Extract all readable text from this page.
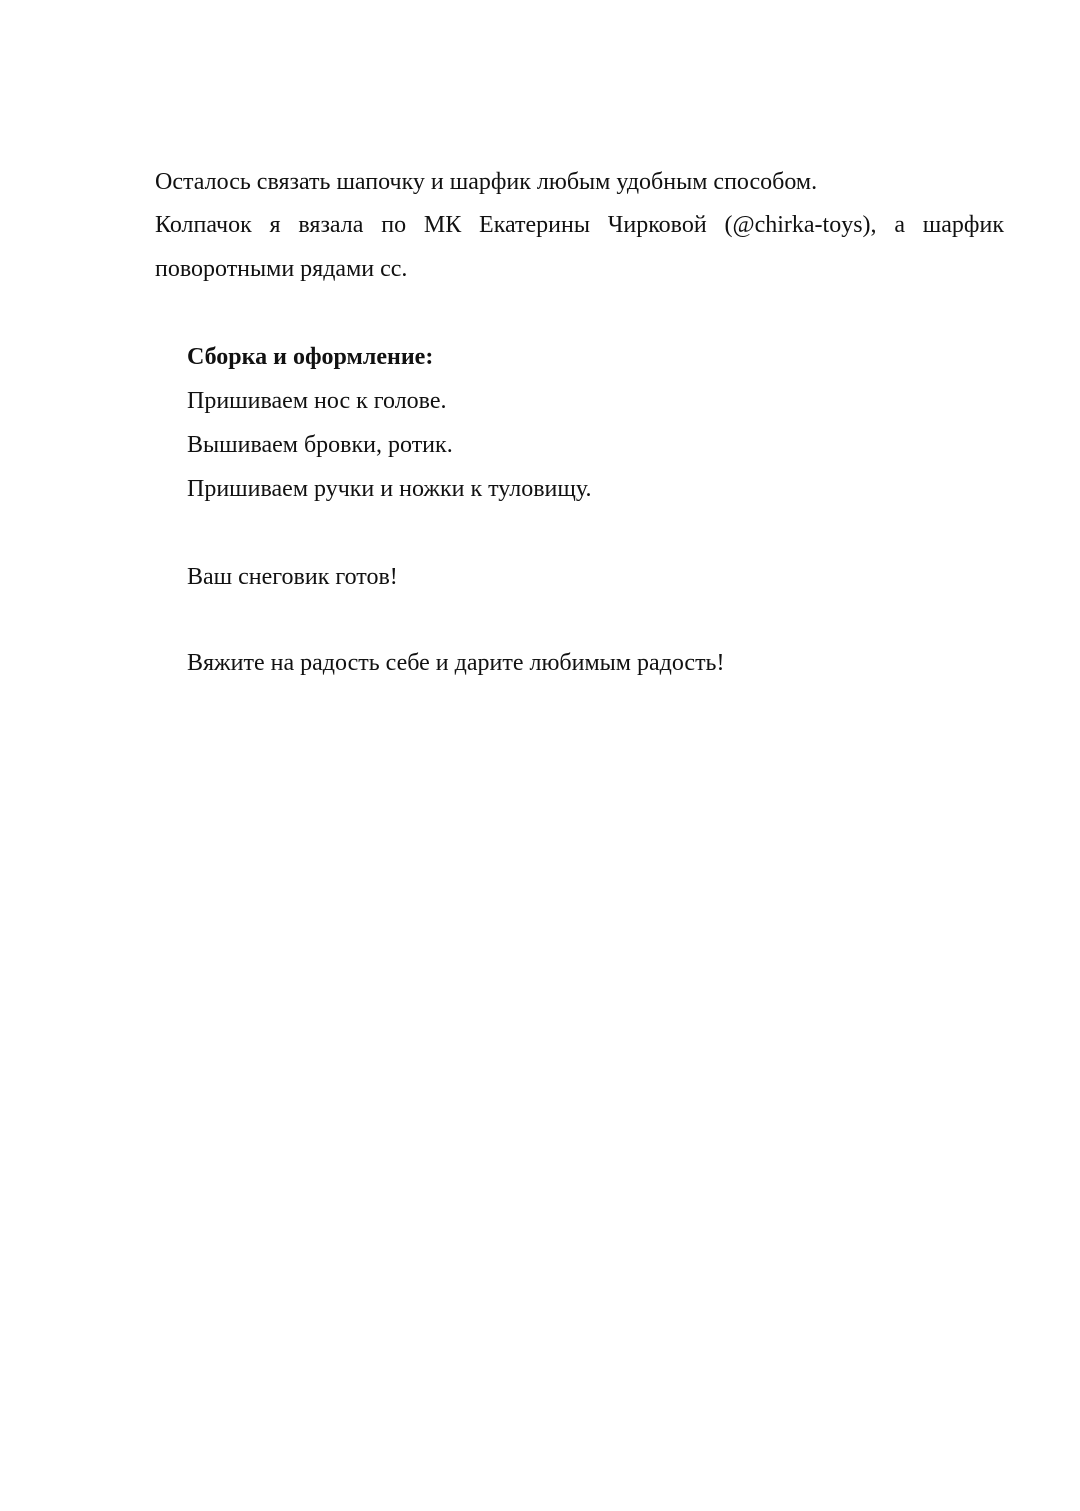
Осталось связать шапочку и шарфик любым удобным способом.
Колпачок я вязала по МК Екатерины Чирковой (@chirka-toys), а шарфик
поворотными рядами сс.
Сборка и оформление:
Пришиваем нос к голове.
Вышиваем бровки, ротик.
Пришиваем ручки и ножки к туловищу.
Ваш снеговик готов!
Вяжите на радость себе и дарите любимым радость!
